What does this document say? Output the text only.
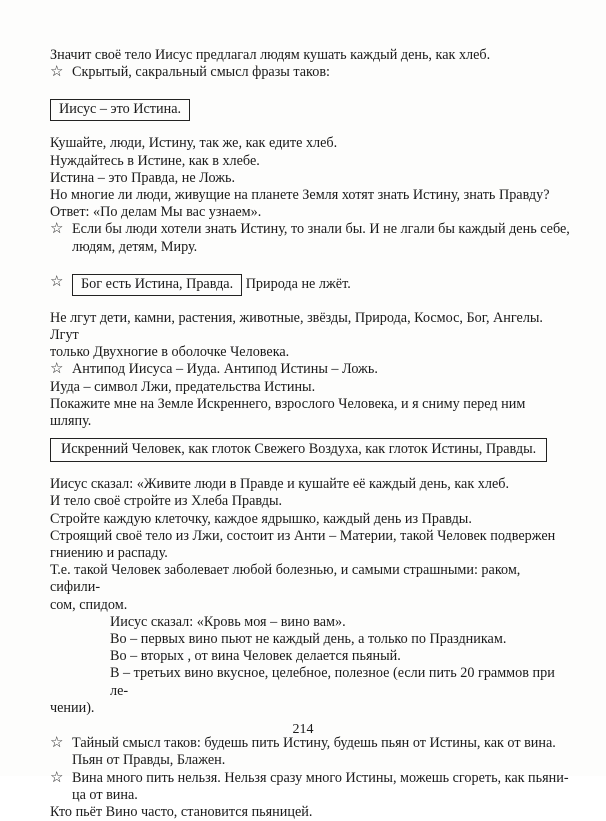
Значит своё тело Иисус предлагал людям кушать каждый день, как хлеб.

☆ Скрытый, сакральный смысл фразы таков:
Иисус – это Истина.

Кушайте, люди, Истину, так же, как едите хлеб.

Нуждайтесь в Истине, как в хлебе.

Истина – это Правда, не Ложь.

Но многие ли люди, живущие на планете Земля хотят знать Истину, знать Правду?

Ответ: «По делам Мы вас узнаем».

☆ Если бы люди хотели знать Истину, то знали бы. И не лгали бы каждый день себе,
людям, детям, Миру.
☆	Бог есть Истина, Правда. Природа не лжёт.

Не лгут дети, камни, растения, животные, звёзды, Природа, Космос, Бог, Ангелы. Лгут

только Двухногие в оболочке Человека.

☆ Антипод Иисуса – Иуда. Антипод Истины – Ложь.

Иуда – символ Лжи, предательства Истины.

Покажите мне на Земле Искреннего, взрослого Человека, и я сниму перед ним шляпу.

Искренний Человек, как глоток Свежего Воздуха, как глоток Истины, Правды.

Иисус сказал: «Живите люди в Правде и кушайте её каждый день, как хлеб.

И тело своё стройте из Хлеба Правды.

Стройте каждую клеточку, каждое ядрышко, каждый день из Правды.

Строящий своё тело из Лжи, состоит из Анти – Материи, такой Человек подвержен

гниению и распаду.

Т.е. такой Человек заболевает любой болезнью, и самыми страшными: раком, сифили-

сом, спидом.

Иисус сказал: «Кровь моя – вино вам».

Во – первых вино пьют не каждый день, а только по Праздникам.

Во – вторых , от вина Человек делается пьяный.

В – третьих вино вкусное, целебное, полезное (если пить 20 граммов при ле-

чении).

☆ Тайный смысл таков: будешь пить Истину, будешь пьян от Истины, как от вина.
Пьян от Правды, Блажен.
☆ Вина много пить нельзя. Нельзя сразу много Истины, можешь сгореть, как пьяни-
ца от вина.

Кто пьёт Вино часто, становится пьяницей.

214
